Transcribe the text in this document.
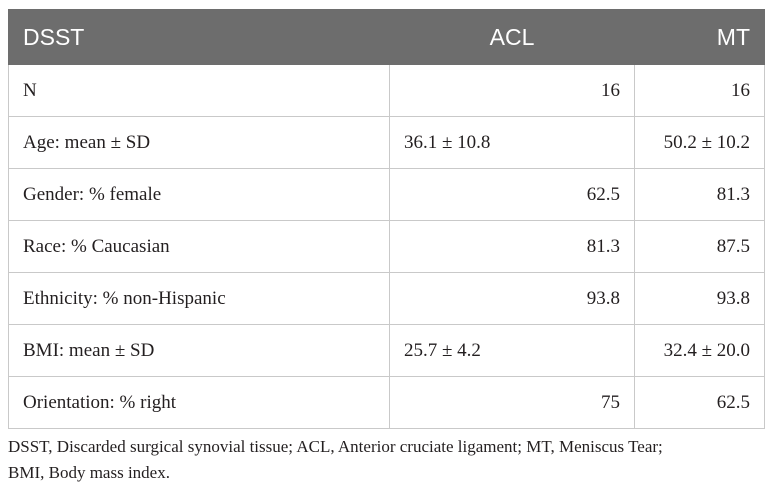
DSST	ACL	MT
N	16	16
Age: mean ± SD	36.1 ± 10.8	50.2 ± 10.2
Gender: % female	62.5	81.3
Race: % Caucasian	81.3	87.5
Ethnicity: % non-Hispanic	93.8	93.8
BMI: mean ± SD	25.7 ± 4.2	32.4 ± 20.0
Orientation: % right	75	62.5
DSST, Discarded surgical synovial tissue; ACL, Anterior cruciate ligament; MT, Meniscus Tear;
BMI, Body mass index.
